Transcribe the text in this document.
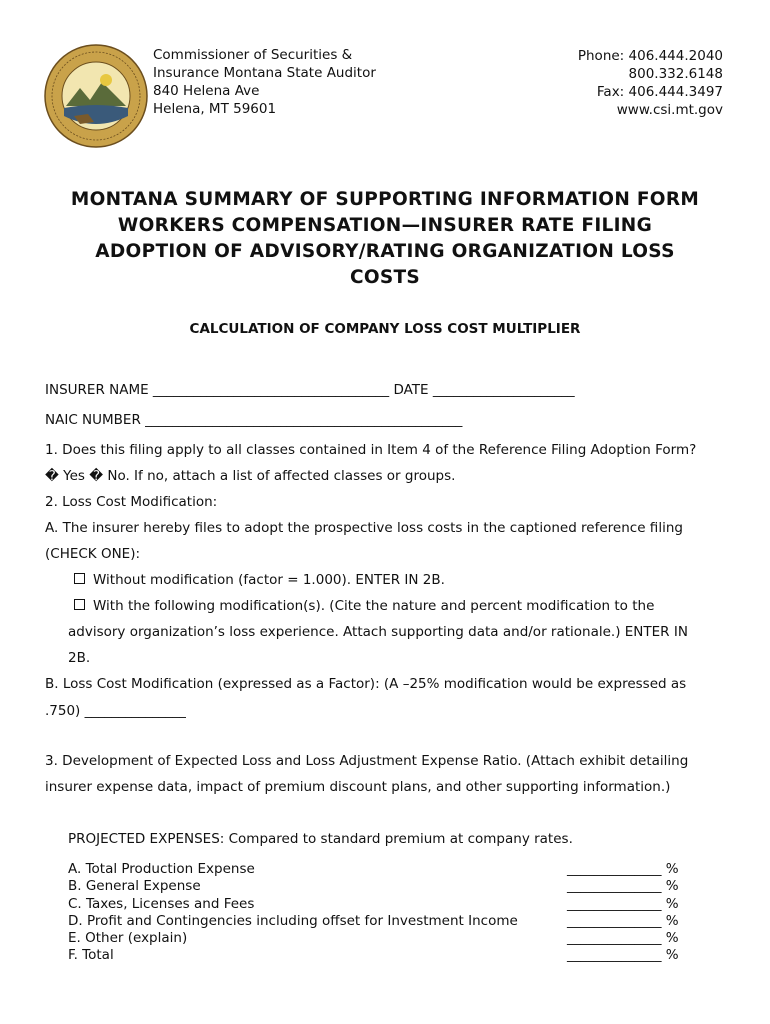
Commissioner of Securities &
Insurance Montana State Auditor
840 Helena Ave
Helena, MT 59601
Phone: 406.444.2040
800.332.6148
Fax: 406.444.3497
www.csi.mt.gov
MONTANA SUMMARY OF SUPPORTING INFORMATION FORM
WORKERS COMPENSATION—INSURER RATE FILING
ADOPTION OF ADVISORY/RATING ORGANIZATION LOSS
COSTS
CALCULATION OF COMPANY LOSS COST MULTIPLIER
INSURER NAME ___________________________________ DATE _____________________
NAIC NUMBER _______________________________________________
1. Does this filing apply to all classes contained in Item 4 of the Reference Filing Adoption Form?
� Yes � No. If no, attach a list of affected classes or groups.
2. Loss Cost Modification:
A. The insurer hereby files to adopt the prospective loss costs in the captioned reference filing
(CHECK ONE):
Without modification (factor = 1.000). ENTER IN 2B.
With the following modification(s). (Cite the nature and percent modification to the
advisory organization’s loss experience. Attach supporting data and/or rationale.) ENTER IN
2B.
B. Loss Cost Modification (expressed as a Factor): (A –25% modification would be expressed as
.750) _______________
3. Development of Expected Loss and Loss Adjustment Expense Ratio. (Attach exhibit detailing
insurer expense data, impact of premium discount plans, and other supporting information.)
PROJECTED EXPENSES: Compared to standard premium at company rates.
A. Total Production Expense
B. General Expense
C. Taxes, Licenses and Fees
D. Profit and Contingencies including offset for Investment Income
E. Other (explain)
F. Total
______________ %
______________ %
______________ %
______________ %
______________ %
______________ %
